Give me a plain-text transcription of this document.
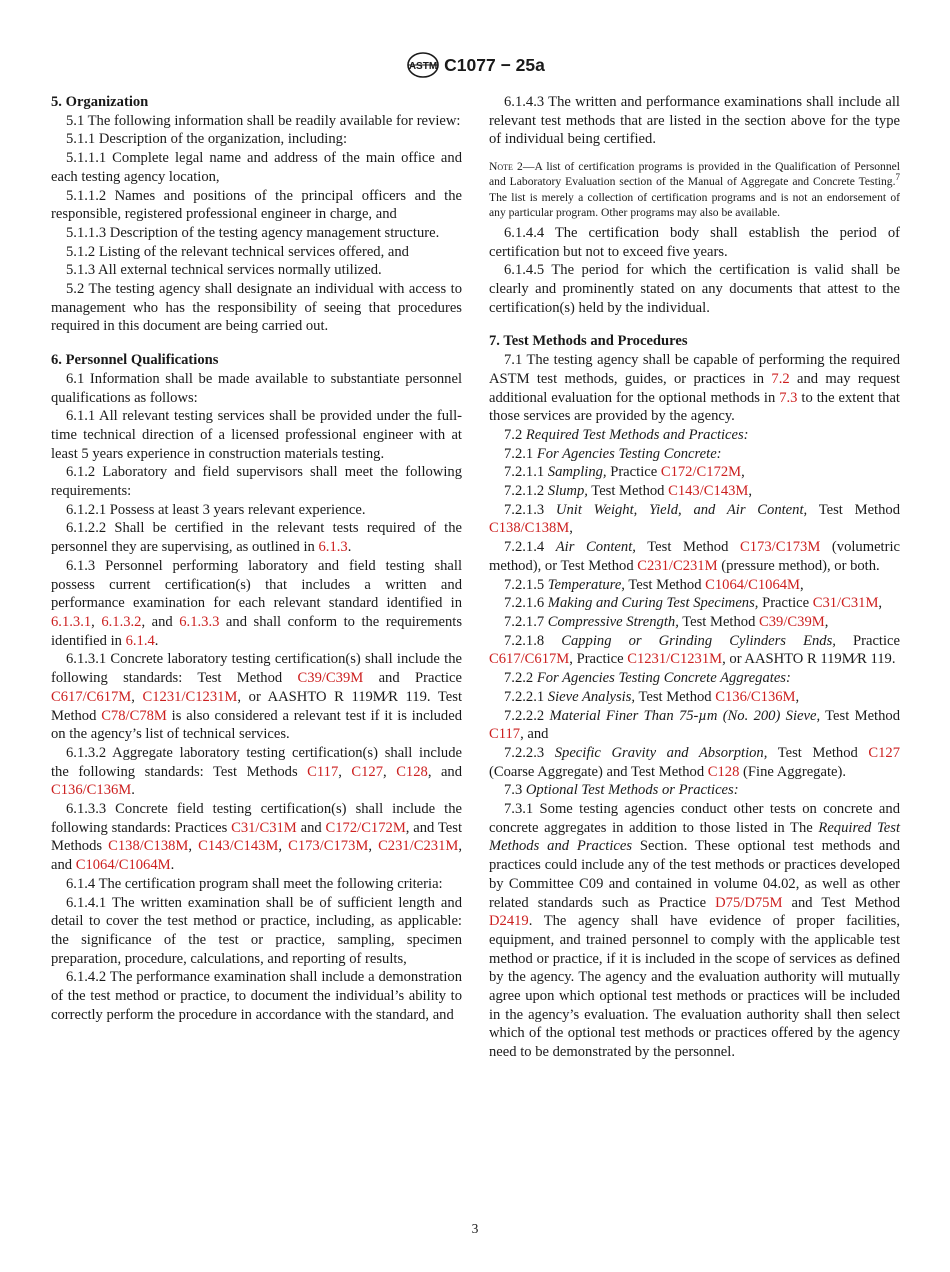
ASTM C1077 − 25a
5. Organization

5.1 The following information shall be readily available for review:

5.1.1 Description of the organization, including:

5.1.1.1 Complete legal name and address of the main office and each testing agency location,

5.1.1.2 Names and positions of the principal officers and the responsible, registered professional engineer in charge, and

5.1.1.3 Description of the testing agency management structure.

5.1.2 Listing of the relevant technical services offered, and

5.1.3 All external technical services normally utilized.

5.2 The testing agency shall designate an individual with access to management who has the responsibility of seeing that procedures required in this document are being carried out.

6. Personnel Qualifications

6.1 Information shall be made available to substantiate personnel qualifications as follows:

6.1.1 All relevant testing services shall be provided under the full-time technical direction of a licensed professional engineer with at least 5 years experience in construction materials testing.

6.1.2 Laboratory and field supervisors shall meet the following requirements:

6.1.2.1 Possess at least 3 years relevant experience.

6.1.2.2 Shall be certified in the relevant tests required of the personnel they are supervising, as outlined in 6.1.3.

6.1.3 Personnel performing laboratory and field testing shall possess current certification(s) that includes a written and performance examination for each relevant standard identified in 6.1.3.1, 6.1.3.2, and 6.1.3.3 and shall conform to the requirements identified in 6.1.4.

6.1.3.1 Concrete laboratory testing certification(s) shall include the following standards: Test Method C39/C39M and Practice C617/C617M, C1231/C1231M, or AASHTO R 119M⁄R 119. Test Method C78/C78M is also considered a relevant test if it is included on the agency’s list of technical services.

6.1.3.2 Aggregate laboratory testing certification(s) shall include the following standards: Test Methods C117, C127, C128, and C136/C136M.

6.1.3.3 Concrete field testing certification(s) shall include the following standards: Practices C31/C31M and C172/C172M, and Test Methods C138/C138M, C143/C143M, C173/C173M, C231/C231M, and C1064/C1064M.

6.1.4 The certification program shall meet the following criteria:

6.1.4.1 The written examination shall be of sufficient length and detail to cover the test method or practice, including, as applicable: the significance of the test or practice, sampling, specimen preparation, procedure, calculations, and reporting of results,

6.1.4.2 The performance examination shall include a demonstration of the test method or practice, to document the individual’s ability to correctly perform the procedure in accordance with the standard, and

6.1.4.3 The written and performance examinations shall include all relevant test methods that are listed in the section above for the type of individual being certified.

Note 2—A list of certification programs is provided in the Qualification of Personnel and Laboratory Evaluation section of the Manual of Aggregate and Concrete Testing.$^7$ The list is merely a collection of certification programs and is not an endorsement of any particular program. Other programs may also be available.

6.1.4.4 The certification body shall establish the period of certification but not to exceed five years.

6.1.4.5 The period for which the certification is valid shall be clearly and prominently stated on any documents that attest to the certification(s) held by the individual.

7. Test Methods and Procedures

7.1 The testing agency shall be capable of performing the required ASTM test methods, guides, or practices in 7.2 and may request additional evaluation for the optional methods in 7.3 to the extent that those services are provided by the agency.

7.2 Required Test Methods and Practices:

7.2.1 For Agencies Testing Concrete:

7.2.1.1 Sampling, Practice C172/C172M,

7.2.1.2 Slump, Test Method C143/C143M,

7.2.1.3 Unit Weight, Yield, and Air Content, Test Method C138/C138M,

7.2.1.4 Air Content, Test Method C173/C173M (volumetric method), or Test Method C231/C231M (pressure method), or both.

7.2.1.5 Temperature, Test Method C1064/C1064M,

7.2.1.6 Making and Curing Test Specimens, Practice C31/C31M,

7.2.1.7 Compressive Strength, Test Method C39/C39M,

7.2.1.8 Capping or Grinding Cylinders Ends, Practice C617/C617M, Practice C1231/C1231M, or AASHTO R 119M⁄R 119.

7.2.2 For Agencies Testing Concrete Aggregates:

7.2.2.1 Sieve Analysis, Test Method C136/C136M,

7.2.2.2 Material Finer Than 75-µm (No. 200) Sieve, Test Method C117, and

7.2.2.3 Specific Gravity and Absorption, Test Method C127 (Coarse Aggregate) and Test Method C128 (Fine Aggregate).

7.3 Optional Test Methods or Practices:

7.3.1 Some testing agencies conduct other tests on concrete and concrete aggregates in addition to those listed in The Required Test Methods and Practices Section. These optional test methods and practices could include any of the test methods or practices developed by Committee C09 and contained in volume 04.02, as well as other related standards such as Practice D75/D75M and Test Method D2419. The agency shall have evidence of proper facilities, equipment, and trained personnel to comply with the applicable test method or practice, if it is included in the scope of services as defined by the agency. The agency and the evaluation authority will mutually agree upon which optional test methods or practices will be included in the agency’s evaluation. The evaluation authority shall then select which of the optional test methods or practices offered by the agency need to be demonstrated by the personnel.

3
